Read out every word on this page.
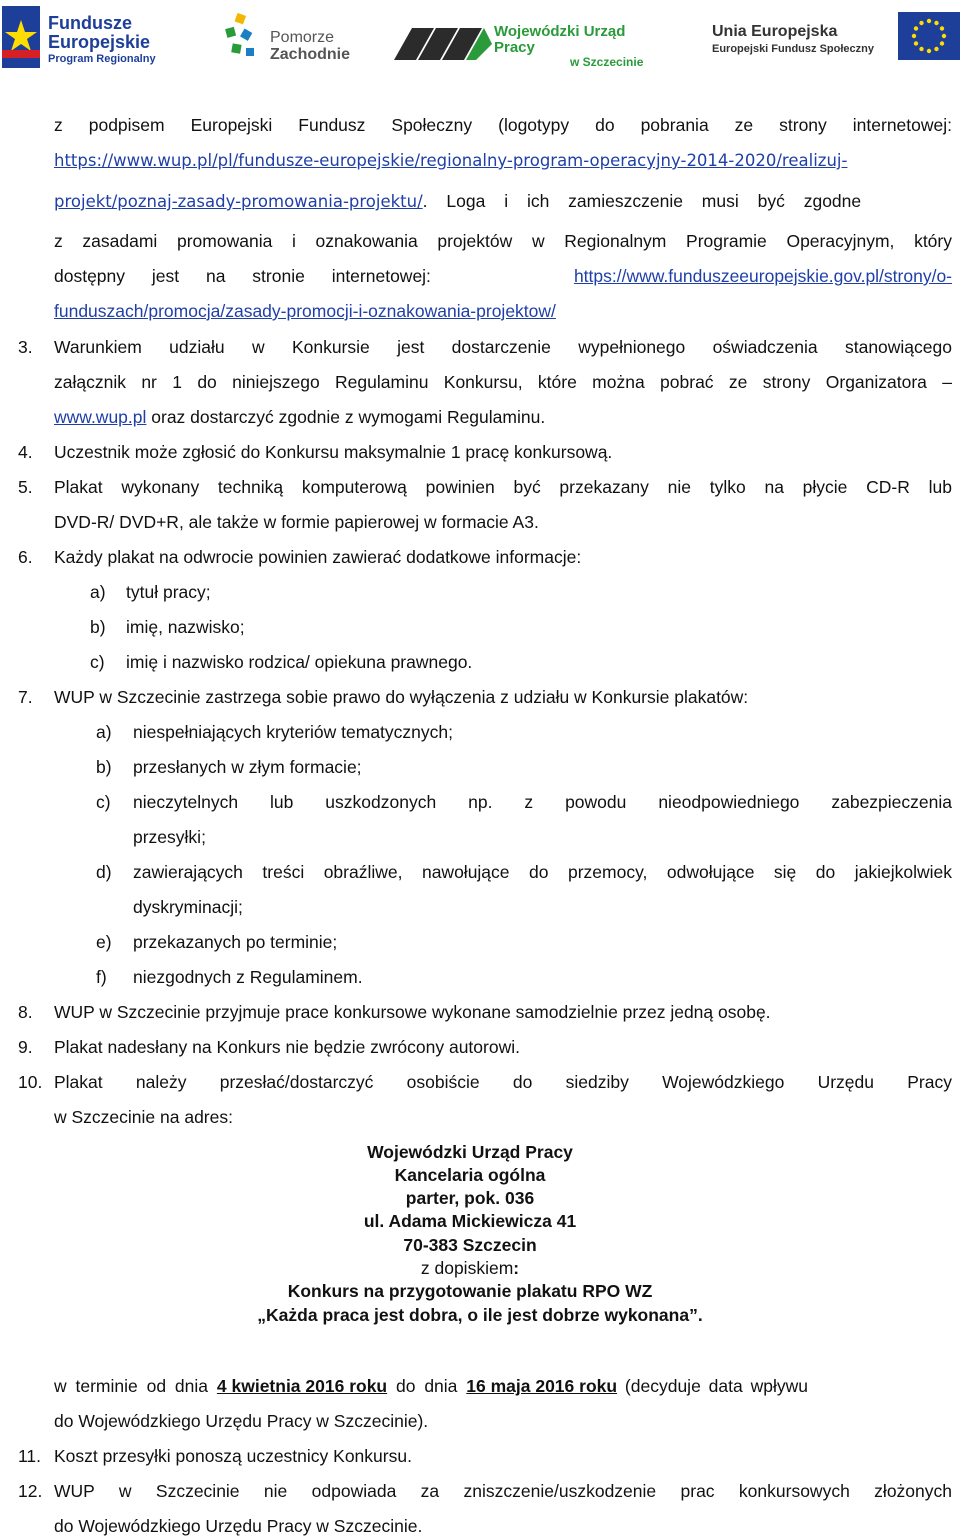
Fundusze
Europejskie
Program Regionalny
Pomorze
Zachodnie
Wojewódzki Urząd Pracy
w Szczecinie
Unia Europejska
Europejski Fundusz Społeczny
z podpisem Europejski Fundusz Społeczny (logotypy do pobrania ze strony internetowej:
https://www.wup.pl/pl/fundusze-europejskie/regionalny-program-operacyjny-2014-2020/realizuj-
projekt/poznaj-zasady-promowania-projektu/. Loga i ich zamieszczenie musi być zgodne
z zasadami promowania i oznakowania projektów w Regionalnym Programie Operacyjnym, który
dostępny jest na stronie internetowej:	https://www.funduszeeuropejskie.gov.pl/strony/o-
funduszach/promocja/zasady-promocji-i-oznakowania-projektow/
3.	Warunkiem udziału w Konkursie jest dostarczenie wypełnionego oświadczenia stanowiącego
załącznik nr 1 do niniejszego Regulaminu Konkursu, które można pobrać ze strony Organizatora –
www.wup.pl oraz dostarczyć zgodnie z wymogami Regulaminu.
4.	Uczestnik może zgłosić do Konkursu maksymalnie 1 pracę konkursową.
5.	Plakat wykonany techniką komputerową powinien być przekazany nie tylko na płycie CD-R lub
DVD-R/ DVD+R, ale także w formie papierowej w formacie A3.
6.	Każdy plakat na odwrocie powinien zawierać dodatkowe informacje:
a) tytuł pracy;
b) imię, nazwisko;
c) imię i nazwisko rodzica/ opiekuna prawnego.
7.	WUP w Szczecinie zastrzega sobie prawo do wyłączenia z udziału w Konkursie plakatów:
a) niespełniających kryteriów tematycznych;
b) przesłanych w złym formacie;
c) nieczytelnych lub uszkodzonych np. z powodu nieodpowiedniego zabezpieczenia
przesyłki;
d) zawierających treści obraźliwe, nawołujące do przemocy, odwołujące się do jakiejkolwiek
dyskryminacji;
e) przekazanych po terminie;
f) niezgodnych z Regulaminem.
8.	WUP w Szczecinie przyjmuje prace konkursowe wykonane samodzielnie przez jedną osobę.
9.	Plakat nadesłany na Konkurs nie będzie zwrócony autorowi.
10. Plakat należy przesłać/dostarczyć osobiście do siedziby Wojewódzkiego Urzędu Pracy
w Szczecinie na adres:
Wojewódzki Urząd Pracy
Kancelaria ogólna
parter, pok. 036
ul. Adama Mickiewicza 41
70-383 Szczecin
z dopiskiem:
Konkurs na przygotowanie plakatu RPO WZ
„Każda praca jest dobra, o ile jest dobrze wykonana”.
w terminie od dnia 4 kwietnia 2016 roku do dnia 16 maja 2016 roku (decyduje data wpływu
do Wojewódzkiego Urzędu Pracy w Szczecinie).
11. Koszt przesyłki ponoszą uczestnicy Konkursu.
12. WUP w Szczecinie nie odpowiada za zniszczenie/uszkodzenie prac konkursowych złożonych
do Wojewódzkiego Urzędu Pracy w Szczecinie.
